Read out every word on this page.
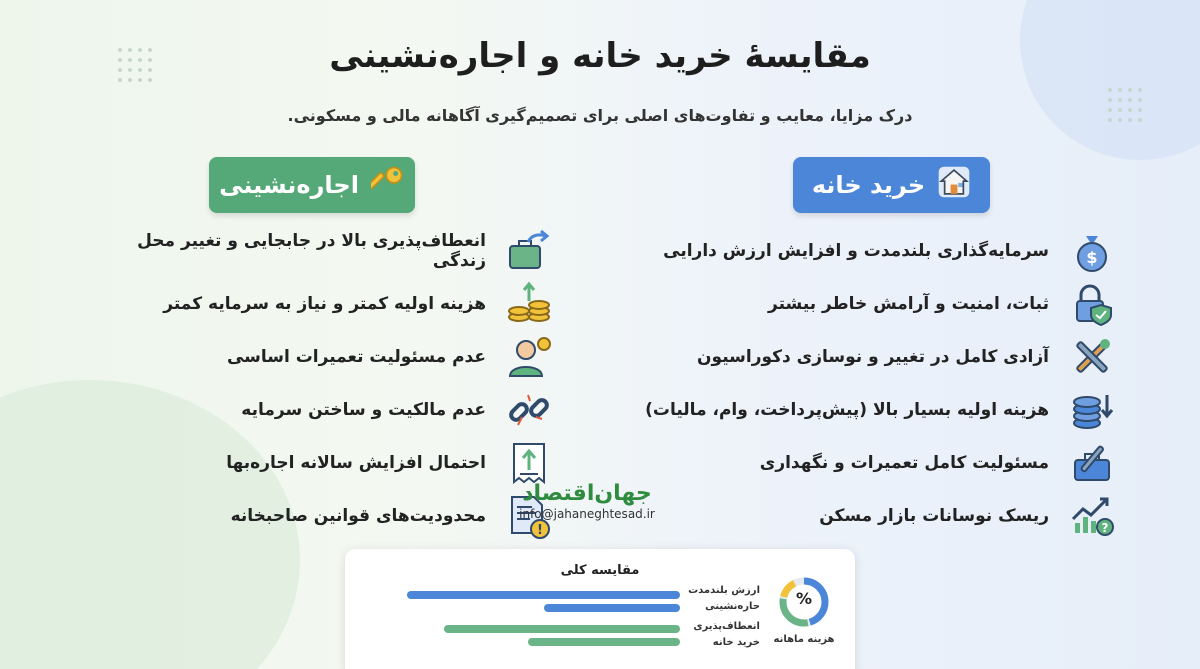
مقایسهٔ خرید خانه و اجاره‌نشینی

درک مزایا، معایب و تفاوت‌های اصلی برای تصمیم‌گیری آگاهانه مالی و مسکونی.

خرید خانه
اجاره‌نشینی
$
سرمایه‌گذاری بلندمدت و افزایش ارزش دارایی
ثبات، امنیت و آرامش خاطر بیشتر
آزادی کامل در تغییر و نوسازی دکوراسیون
هزینه اولیه بسیار بالا (پیش‌پرداخت، وام، مالیات)
مسئولیت کامل تعمیرات و نگهداری
?
ریسک نوسانات بازار مسکن
انعطاف‌پذیری بالا در جابجایی و تغییر محل زندگی
هزینه اولیه کمتر و نیاز به سرمایه کمتر
عدم مسئولیت تعمیرات اساسی
عدم مالکیت و ساختن سرمایه
احتمال افزایش سالانه اجاره‌بها
!
محدودیت‌های قوانین صاحبخانه
جهان‌اقتصاد
info@jahaneghtesad.ir
مقایسه کلی
%
هزینه ماهانه
ارزش بلندمدت
حاره‌نشینی
انعطاف‌پذیری
خرید خانه
